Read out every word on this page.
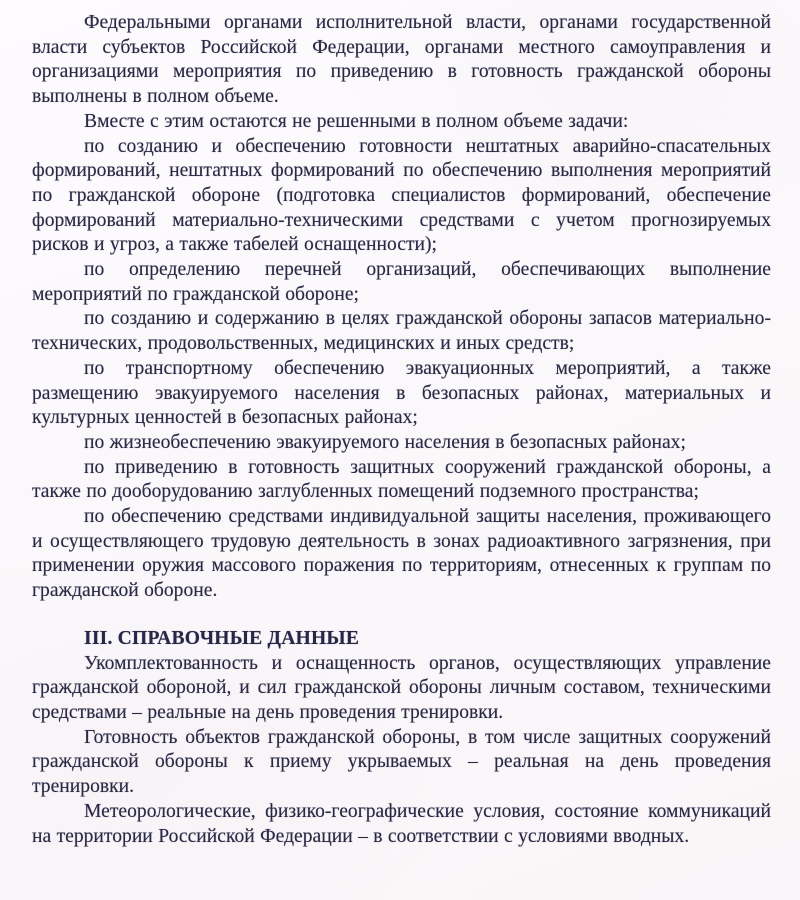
Федеральными органами исполнительной власти, органами государственной власти субъектов Российской Федерации, органами местного самоуправления и организациями мероприятия по приведению в готовность гражданской обороны выполнены в полном объеме.

Вместе с этим остаются не решенными в полном объеме задачи:

по созданию и обеспечению готовности нештатных аварийно-спасательных формирований, нештатных формирований по обеспечению выполнения мероприятий по гражданской обороне (подготовка специалистов формирований, обеспечение формирований материально-техническими средствами с учетом прогнозируемых рисков и угроз, а также табелей оснащенности);

по определению перечней организаций, обеспечивающих выполнение мероприятий по гражданской обороне;

по созданию и содержанию в целях гражданской обороны запасов материально-технических, продовольственных, медицинских и иных средств;

по транспортному обеспечению эвакуационных мероприятий, а также размещению эвакуируемого населения в безопасных районах, материальных и культурных ценностей в безопасных районах;

по жизнеобеспечению эвакуируемого населения в безопасных районах;

по приведению в готовность защитных сооружений гражданской обороны, а также по дооборудованию заглубленных помещений подземного пространства;

по обеспечению средствами индивидуальной защиты населения, проживающего и осуществляющего трудовую деятельность в зонах радиоактивного загрязнения, при применении оружия массового поражения по территориям, отнесенных к группам по гражданской обороне.

III. СПРАВОЧНЫЕ ДАННЫЕ

Укомплектованность и оснащенность органов, осуществляющих управление гражданской обороной, и сил гражданской обороны личным составом, техническими средствами – реальные на день проведения тренировки.

Готовность объектов гражданской обороны, в том числе защитных сооружений гражданской обороны к приему укрываемых – реальная на день проведения тренировки.

Метеорологические, физико-географические условия, состояние коммуникаций на территории Российской Федерации – в соответствии с условиями вводных.
